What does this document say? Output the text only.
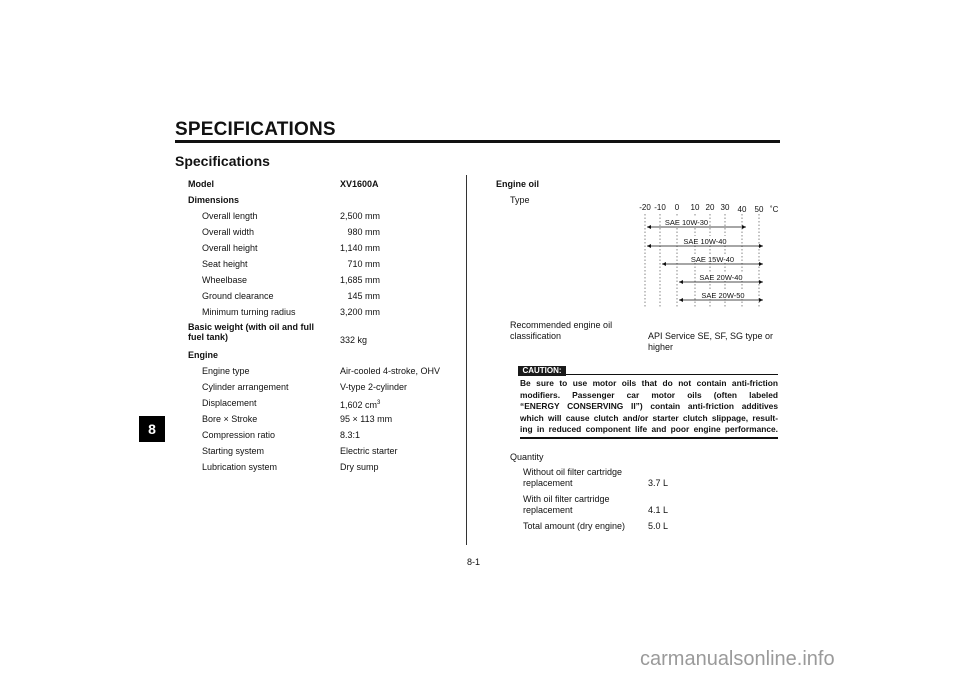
SPECIFICATIONS
Specifications
8
Model	XV1600A
Dimensions
Overall length	2,500 mm
Overall width	980 mm
Overall height	1,140 mm
Seat height	710 mm
Wheelbase	1,685 mm
Ground clearance	145 mm
Minimum turning radius	3,200 mm
Basic weight (with oil and full
fuel tank)	332 kg
Engine
Engine type	Air-cooled 4-stroke, OHV
Cylinder arrangement	V-type 2-cylinder
Displacement	1,602 $cm^3$
Bore × Stroke	95 × 113 mm
Compression ratio	8.3:1
Starting system	Electric starter
Lubrication system	Dry sump
Engine oil
Type
-20 -10 0 10 20 30 40 50 ˚C
SAE 10W-30
SAE 10W-40
SAE 15W-40
SAE 20W-40
SAE 20W-50
Recommended engine oil
classification	API Service SE, SF, SG type or
higher
CAUTION:
Be sure to use motor oils that do not contain anti-friction
modifiers. Passenger car motor oils (often labeled
“ENERGY CONSERVING II”) contain anti-friction additives
which will cause clutch and/or starter clutch slippage, result-
ing in reduced component life and poor engine performance.
Quantity
Without oil filter cartridge
replacement	3.7 L
With oil filter cartridge
replacement	4.1 L
Total amount (dry engine)	5.0 L
8-1
carmanualsonline.info
